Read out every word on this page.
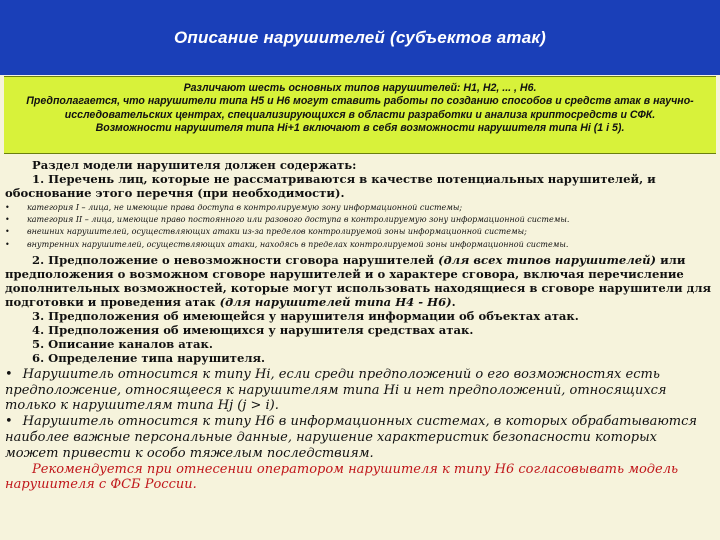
Описание нарушителей (субъектов атак)

Различают шесть основных типов нарушителей: Н1, Н2, ... , Н6.

Предполагается, что нарушители типа Н5 и Н6 могут ставить работы по созданию способов и средств атак в научно-исследовательских центрах, специализирующихся в области разработки и анализа криптосредств и СФК.

Возможности нарушителя типа Нi+1 включают в себя возможности нарушителя типа Нi (1 i 5).

Раздел модели нарушителя должен содержать:

1. Перечень лиц, которые не рассматриваются в качестве потенциальных нарушителей, и обоснование этого перечня (при необходимости).

• категория I – лица, не имеющие права доступа в контролируемую зону информационной системы;
• категория II – лица, имеющие право постоянного или разового доступа в контролируемую зону информационной системы.
• внешних нарушителей, осуществляющих атаки из-за пределов контролируемой зоны информационной системы;
• внутренних нарушителей, осуществляющих атаки, находясь в пределах контролируемой зоны информационной системы.

2. Предположение о невозможности сговора нарушителей (для всех типов нарушителей) или предположения о возможном сговоре нарушителей и о характере сговора, включая перечисление дополнительных возможностей, которые могут использовать находящиеся в сговоре нарушители для подготовки и проведения атак (для нарушителей типа Н4 - Н6).

3. Предположения об имеющейся у нарушителя информации об объектах атак.

4. Предположения об имеющихся у нарушителя средствах атак.

5. Описание каналов атак.

6. Определение типа нарушителя.

• Нарушитель относится к типу Нi, если среди предположений о его возможностях есть предположение, относящееся к нарушителям типа Нi и нет предположений, относящихся только к нарушителям типа Нj (j > i).

• Нарушитель относится к типу Н6 в информационных системах, в которых обрабатываются наиболее важные персональные данные, нарушение характеристик безопасности которых может привести к особо тяжелым последствиям.

Рекомендуется при отнесении оператором нарушителя к типу Н6 согласовывать модель нарушителя с ФСБ России.
